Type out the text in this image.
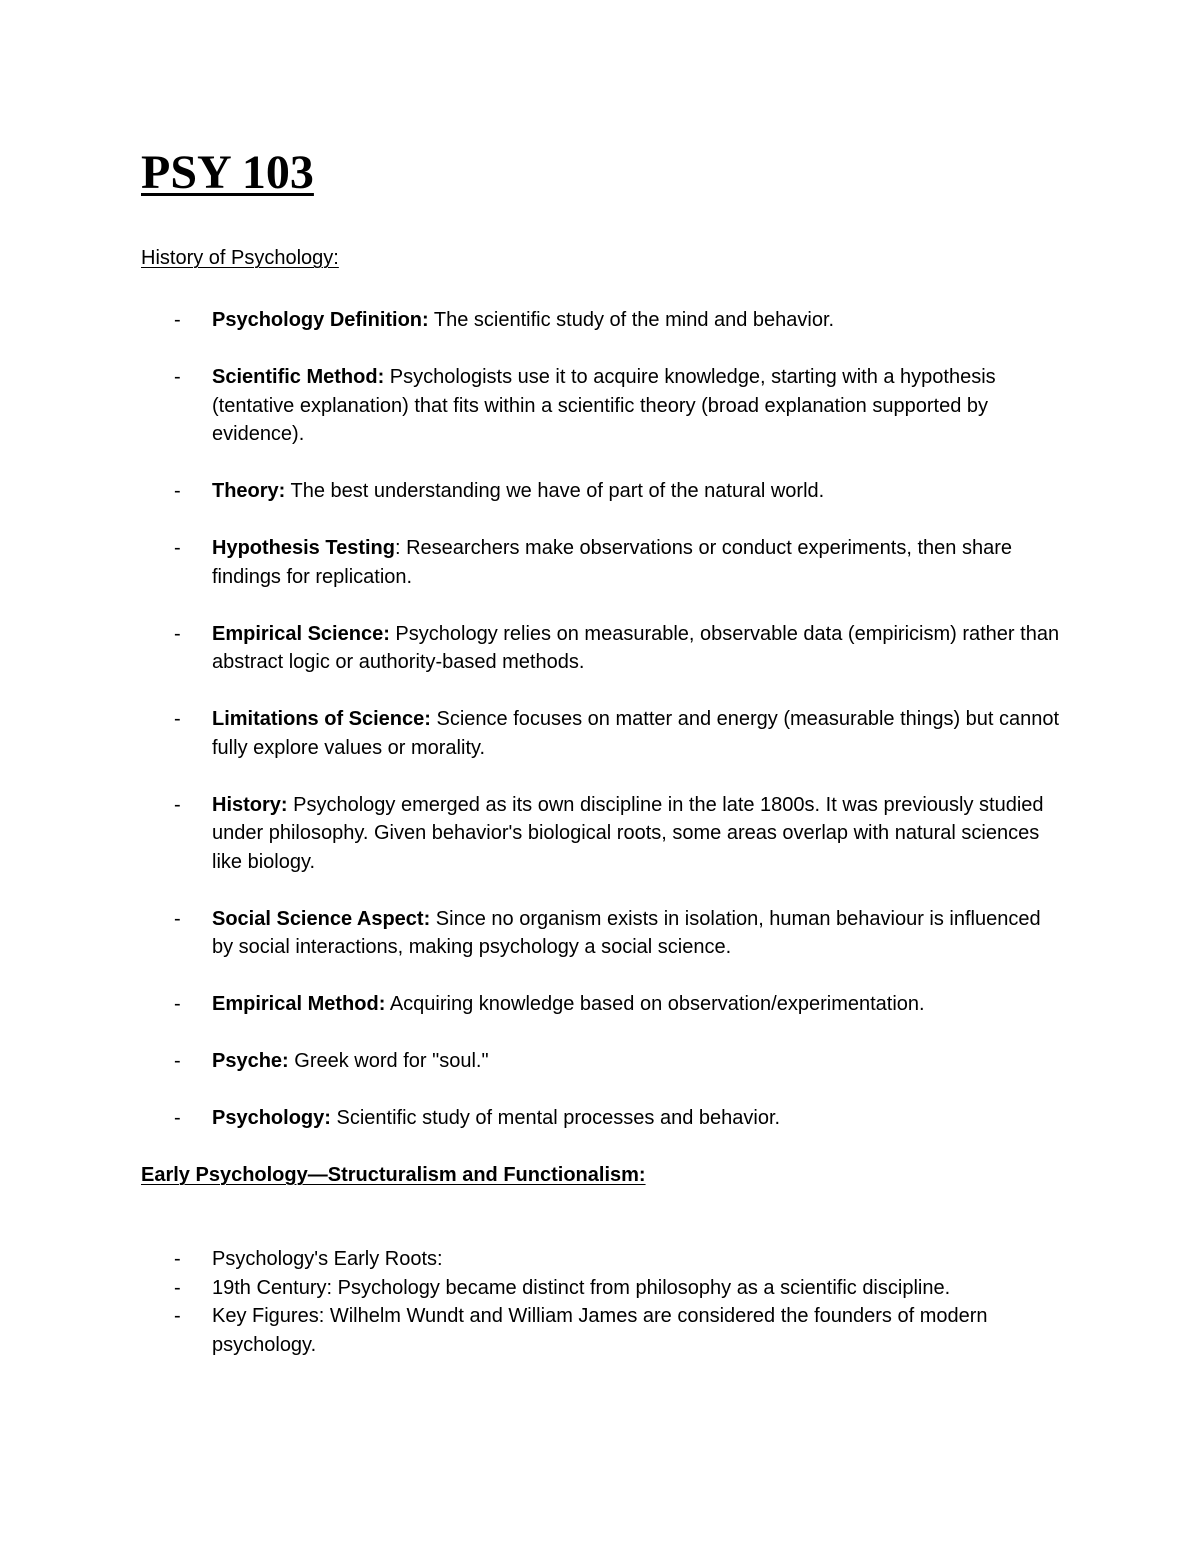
PSY 103
History of Psychology:
- Psychology Definition: The scientific study of the mind and behavior.
- Scientific Method: Psychologists use it to acquire knowledge, starting with a hypothesis (tentative explanation) that fits within a scientific theory (broad explanation supported by evidence).
- Theory: The best understanding we have of part of the natural world.
- Hypothesis Testing: Researchers make observations or conduct experiments, then share findings for replication.
- Empirical Science: Psychology relies on measurable, observable data (empiricism) rather than abstract logic or authority-based methods.
- Limitations of Science: Science focuses on matter and energy (measurable things) but cannot fully explore values or morality.
- History: Psychology emerged as its own discipline in the late 1800s. It was previously studied under philosophy. Given behavior's biological roots, some areas overlap with natural sciences like biology.
- Social Science Aspect: Since no organism exists in isolation, human behaviour is influenced by social interactions, making psychology a social science.
- Empirical Method: Acquiring knowledge based on observation/experimentation.
- Psyche: Greek word for "soul."
- Psychology: Scientific study of mental processes and behavior.
Early Psychology—Structuralism and Functionalism:
- Psychology's Early Roots:
- 19th Century: Psychology became distinct from philosophy as a scientific discipline.
- Key Figures: Wilhelm Wundt and William James are considered the founders of modern psychology.
